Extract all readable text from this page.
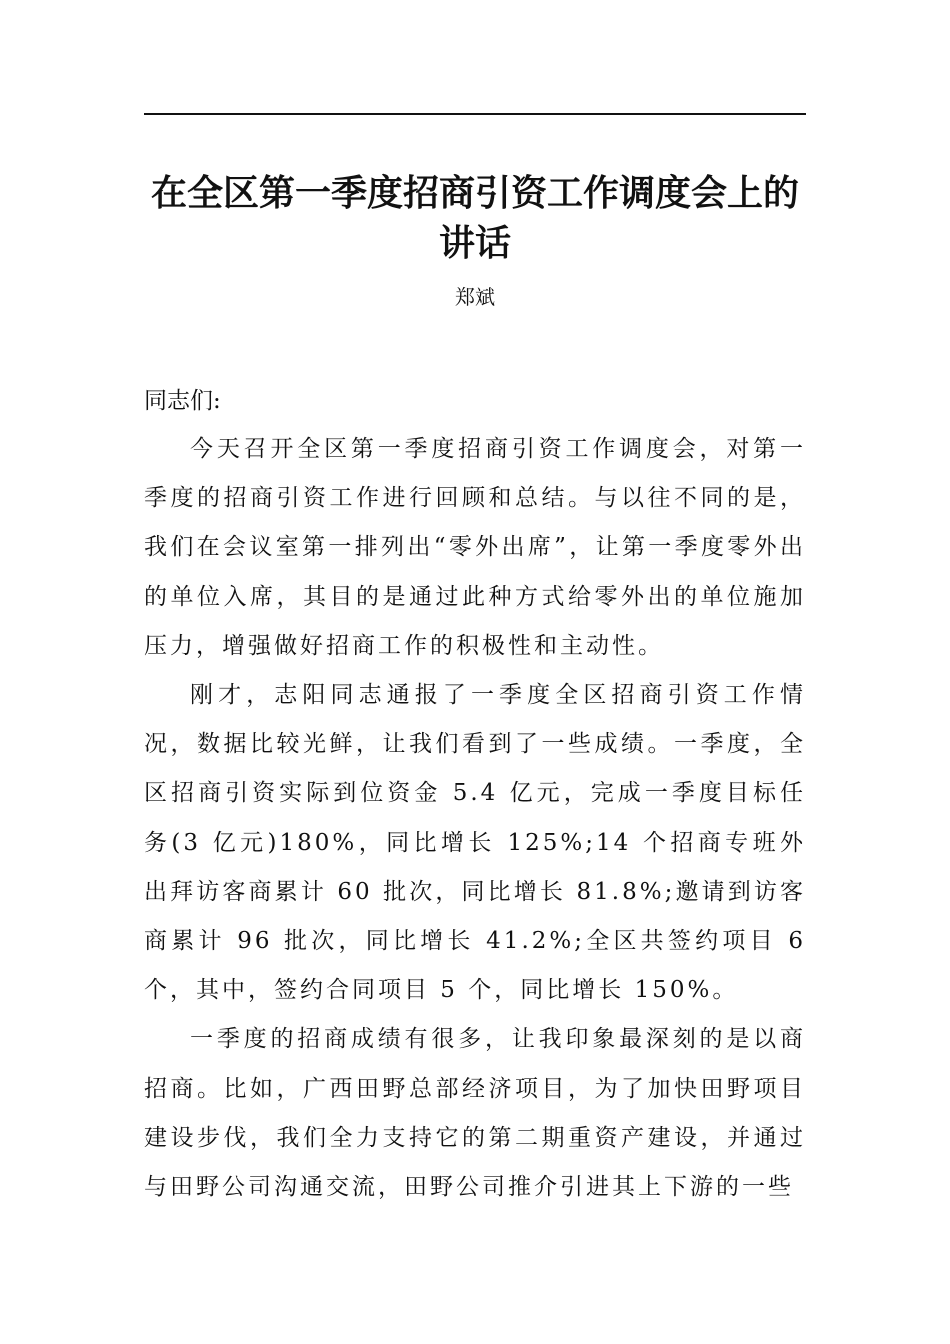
在全区第一季度招商引资工作调度会上的讲话

郑斌

同志们:

今天召开全区第一季度招商引资工作调度会，对第一季度的招商引资工作进行回顾和总结。与以往不同的是，我们在会议室第一排列出“零外出席”，让第一季度零外出的单位入席，其目的是通过此种方式给零外出的单位施加压力，增强做好招商工作的积极性和主动性。

刚才，志阳同志通报了一季度全区招商引资工作情况，数据比较光鲜，让我们看到了一些成绩。一季度，全区招商引资实际到位资金 5.4 亿元，完成一季度目标任务(3 亿元)180%，同比增长 125%;14 个招商专班外出拜访客商累计 60 批次，同比增长 81.8%;邀请到访客商累计 96 批次，同比增长 41.2%;全区共签约项目 6 个，其中，签约合同项目 5 个，同比增长 150%。

一季度的招商成绩有很多，让我印象最深刻的是以商招商。比如，广西田野总部经济项目，为了加快田野项目建设步伐，我们全力支持它的第二期重资产建设，并通过与田野公司沟通交流，田野公司推介引进其上下游的一些
